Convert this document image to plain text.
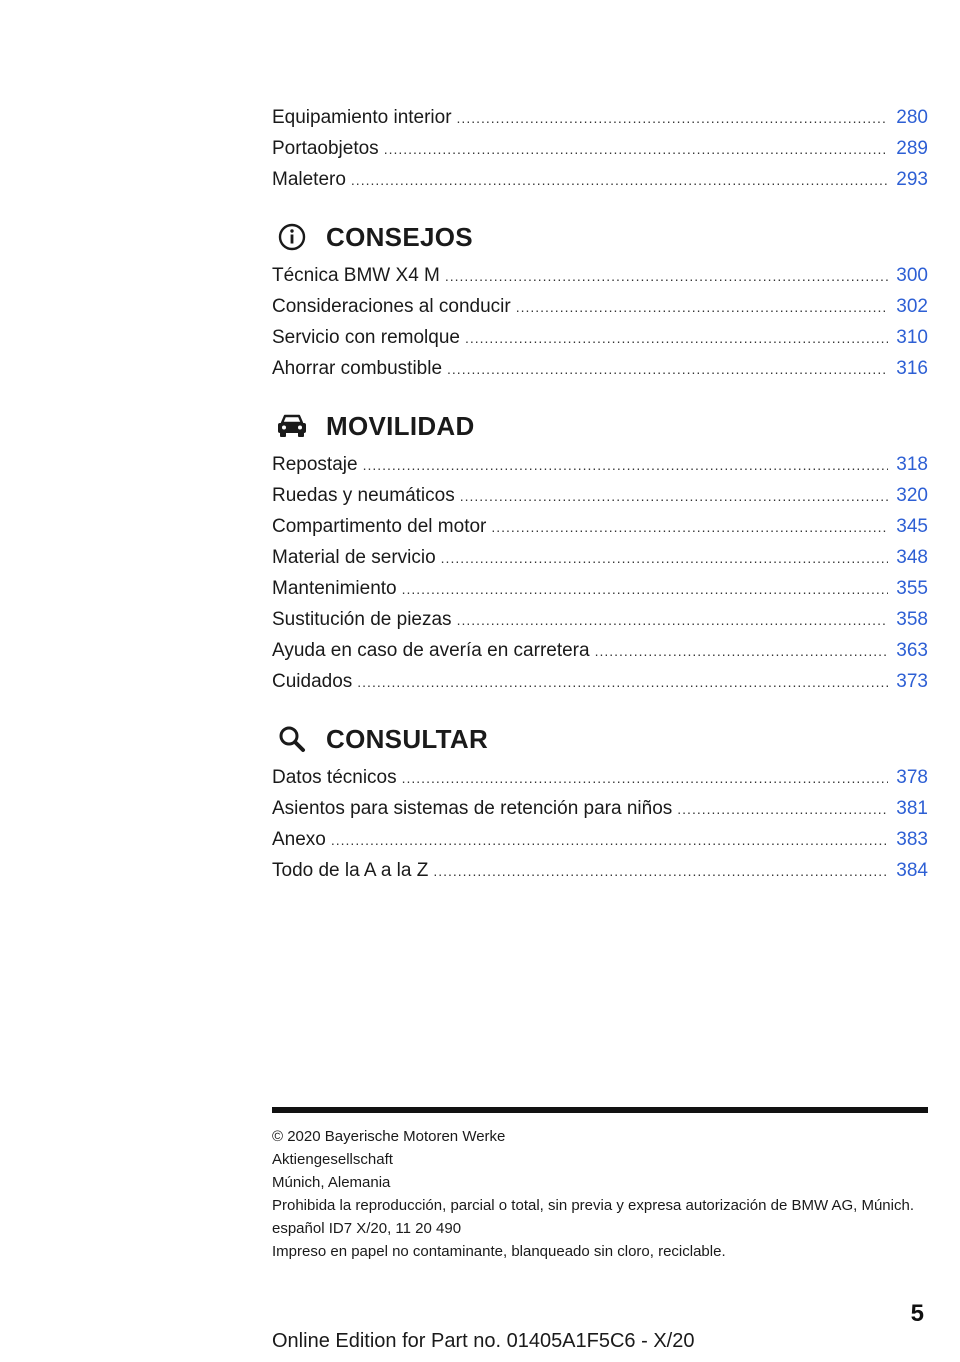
Equipamiento interior .....	280
Portaobjetos .....	289
Maletero .....	293
CONSEJOS
Técnica BMW X4 M .....	300
Consideraciones al conducir .....	302
Servicio con remolque .....	310
Ahorrar combustible .....	316
MOVILIDAD
Repostaje .....	318
Ruedas y neumáticos .....	320
Compartimento del motor .....	345
Material de servicio .....	348
Mantenimiento .....	355
Sustitución de piezas .....	358
Ayuda en caso de avería en carretera .....	363
Cuidados .....	373
CONSULTAR
Datos técnicos .....	378
Asientos para sistemas de retención para niños .....	381
Anexo .....	383
Todo de la A a la Z .....	384
© 2020 Bayerische Motoren Werke
Aktiengesellschaft
Múnich, Alemania
Prohibida la reproducción, parcial o total, sin previa y expresa autorización de BMW AG, Múnich.
español ID7 X/20, 11 20 490
Impreso en papel no contaminante, blanqueado sin cloro, reciclable.
5
Online Edition for Part no. 01405A1F5C6 - X/20
